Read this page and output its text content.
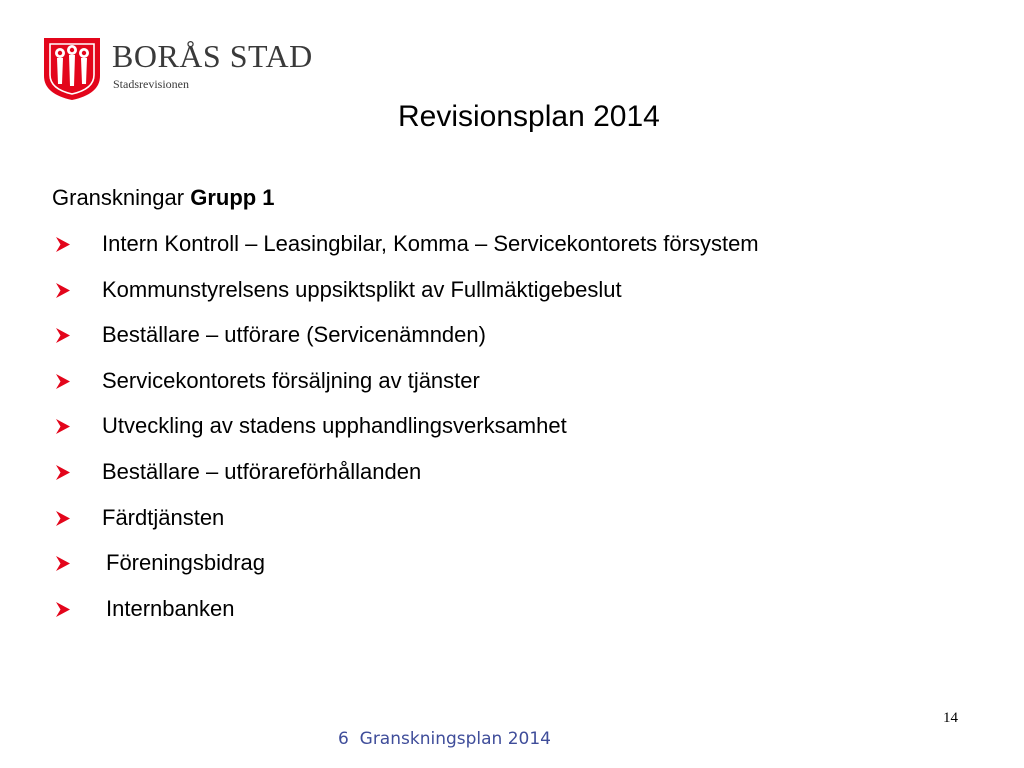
BORÅS STAD
Stadsrevisionen
Revisionsplan 2014
Granskningar Grupp 1
Intern Kontroll – Leasingbilar, Komma – Servicekontorets försystem
Kommunstyrelsens uppsiktsplikt av Fullmäktigebeslut
Beställare – utförare (Servicenämnden)
Servicekontorets försäljning av tjänster
Utveckling av stadens upphandlingsverksamhet
Beställare – utförareförhållanden
Färdtjänsten
Föreningsbidrag
Internbanken
14
6 Granskningsplan 2014
